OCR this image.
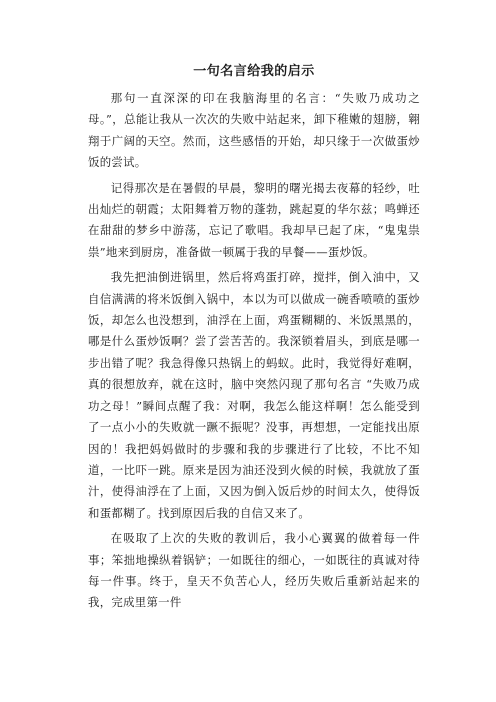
一句名言给我的启示

那句一直深深的印在我脑海里的名言：“失败乃成功之母。”，总能让我从一次次的失败中站起来，卸下稚嫩的翅膀，翱翔于广阔的天空。然而，这些感悟的开始，却只缘于一次做蛋炒饭的尝试。

记得那次是在暑假的早晨，黎明的曙光揭去夜幕的轻纱，吐出灿烂的朝霞；太阳舞着万物的蓬勃，跳起夏的华尔兹；鸣蝉还在甜甜的梦乡中游荡，忘记了歌唱。我却早已起了床，“鬼鬼祟祟”地来到厨房，准备做一顿属于我的早餐——蛋炒饭。

我先把油倒进锅里，然后将鸡蛋打碎，搅拌，倒入油中，又自信满满的将米饭倒入锅中，本以为可以做成一碗香喷喷的蛋炒饭，却怎么也没想到，油浮在上面，鸡蛋糊糊的、米饭黑黑的，哪是什么蛋炒饭啊？尝了尝苦苦的。我深锁着眉头，到底是哪一步出错了呢？我急得像只热锅上的蚂蚁。此时，我觉得好难啊，真的很想放弃，就在这时，脑中突然闪现了那句名言 “失败乃成功之母！”瞬间点醒了我：对啊，我怎么能这样啊！怎么能受到了一点小小的失败就一蹶不振呢？没事，再想想，一定能找出原因的！我把妈妈做时的步骤和我的步骤进行了比较，不比不知道，一比吓一跳。原来是因为油还没到火候的时候，我就放了蛋汁，使得油浮在了上面，又因为倒入饭后炒的时间太久，使得饭和蛋都糊了。找到原因后我的自信又来了。

在吸取了上次的失败的教训后，我小心翼翼的做着每一件事；笨拙地操纵着锅铲；一如既往的细心，一如既往的真诚对待每一件事。终于，皇天不负苦心人，经历失败后重新站起来的我，完成里第一件
